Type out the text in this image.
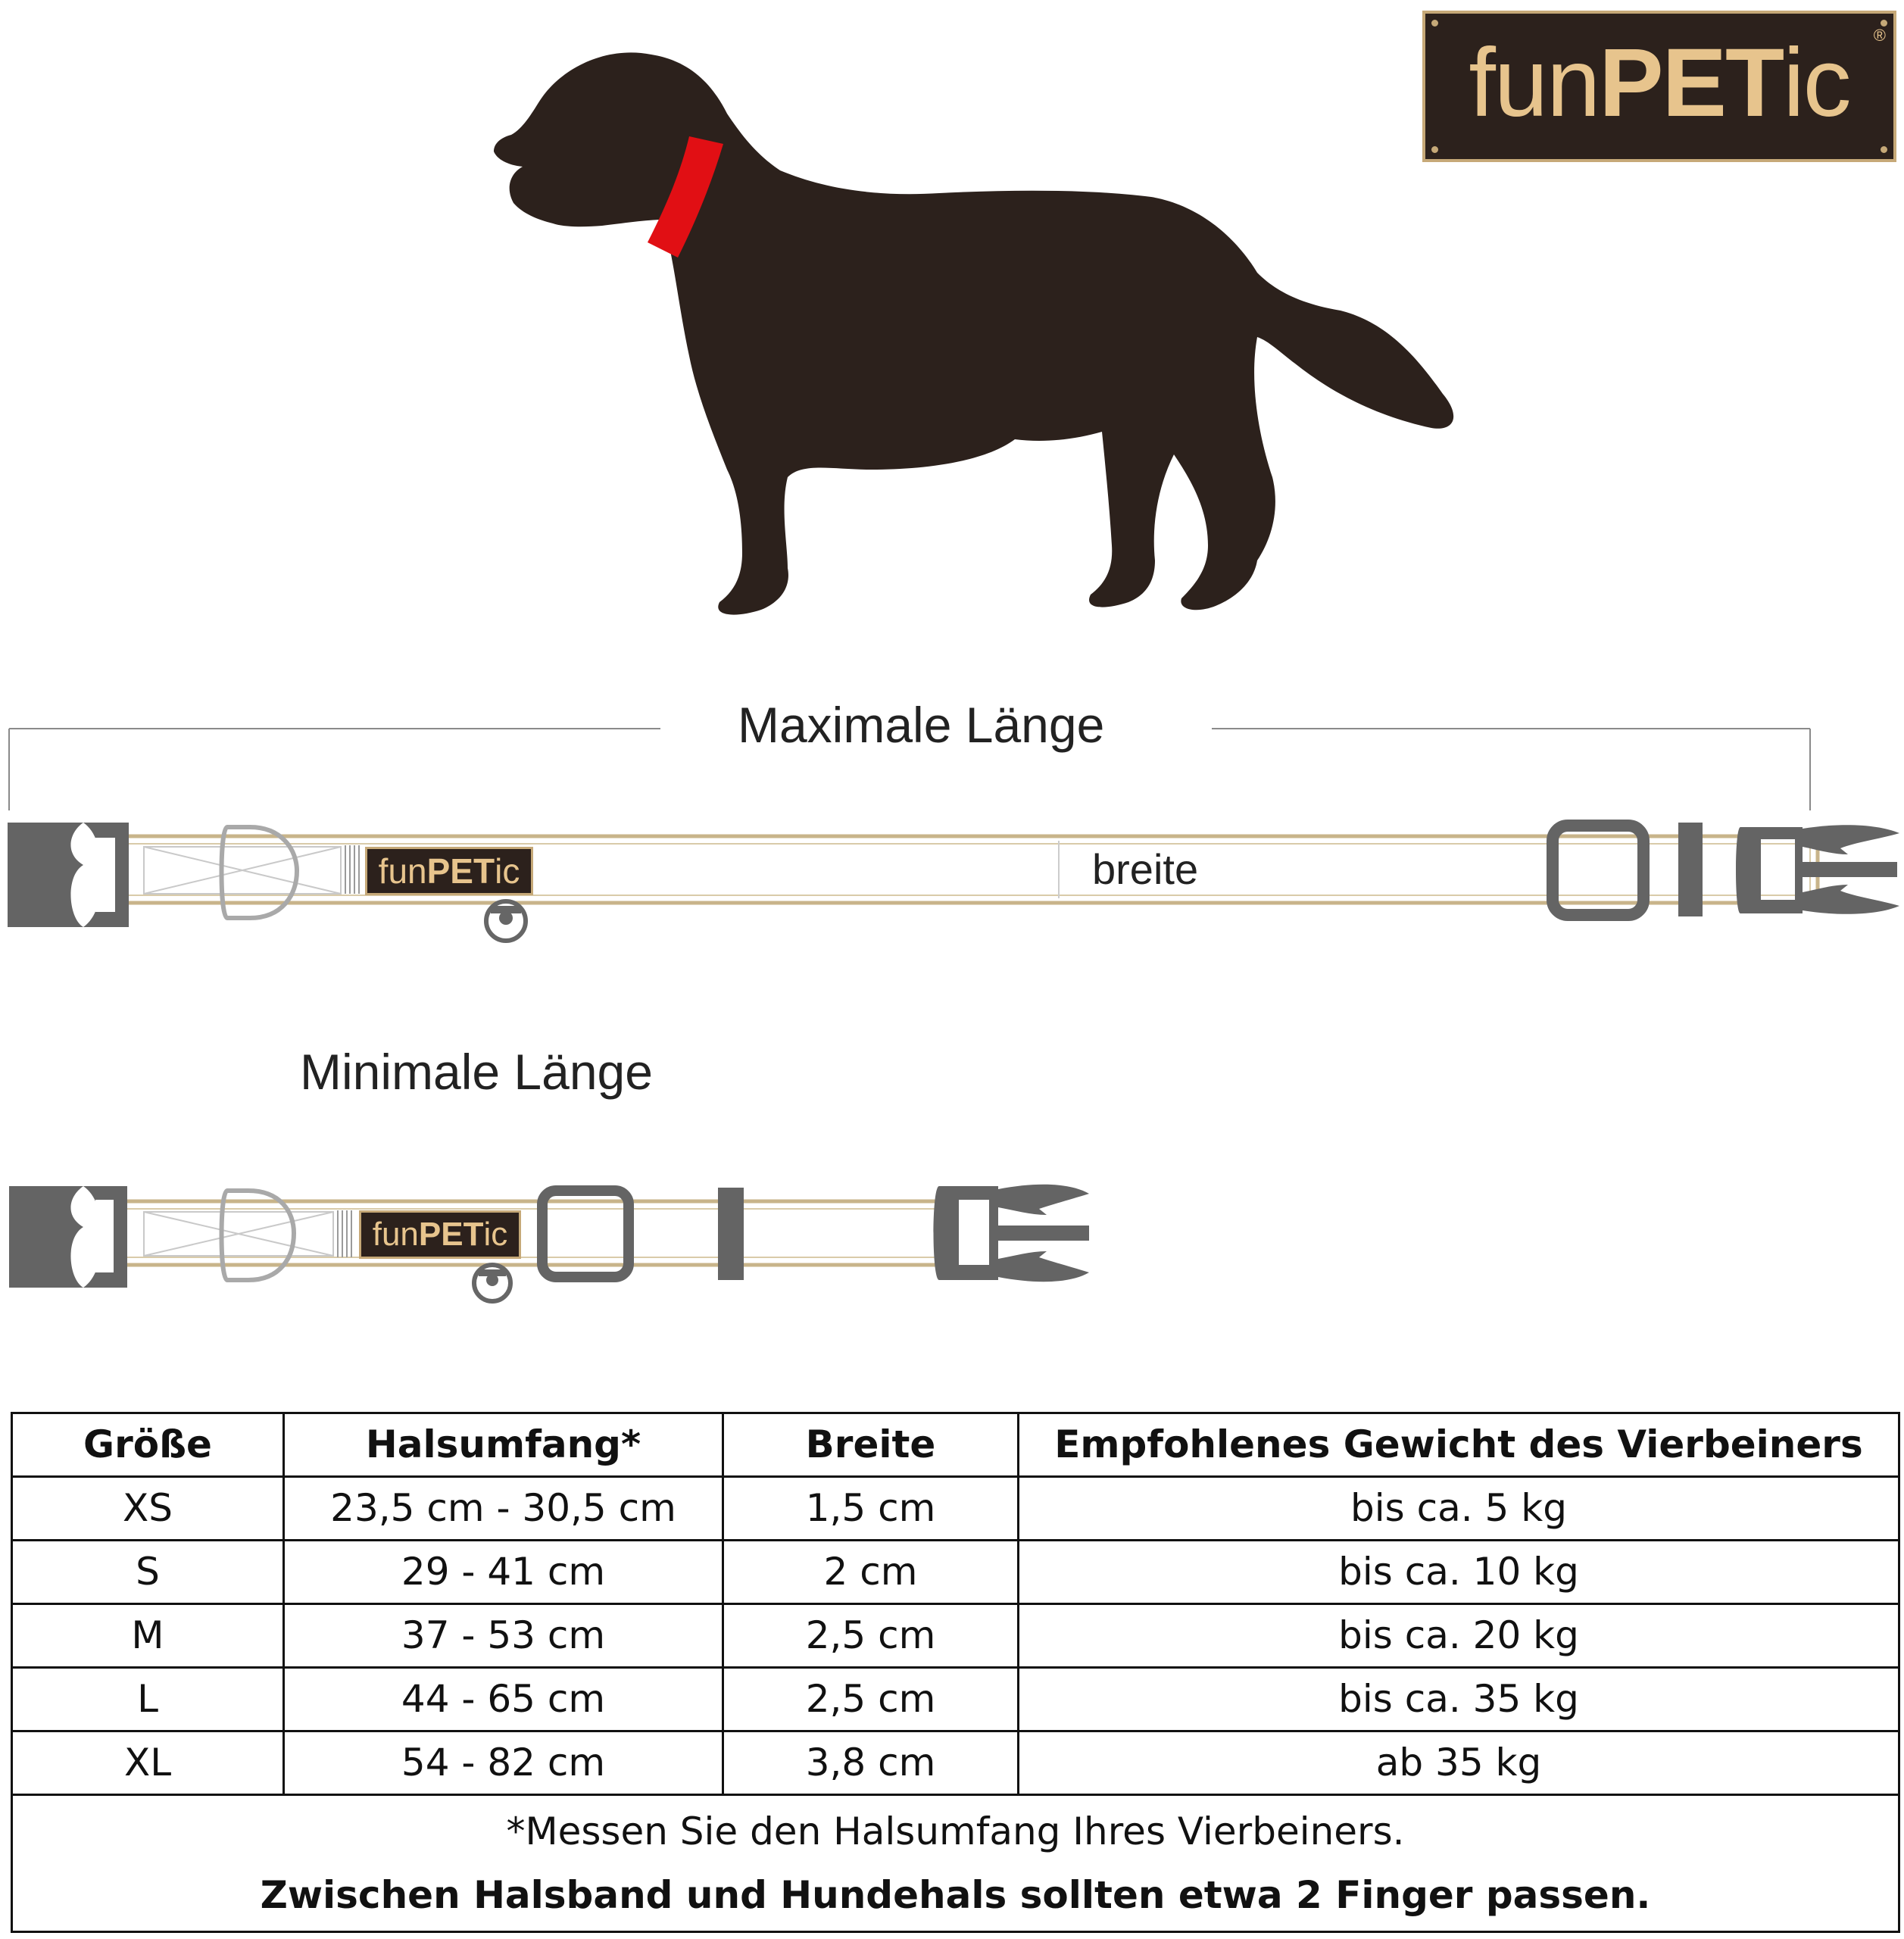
funPETic	®
Maximale Länge
breite
funPETic
Minimale Länge
funPETic
Größe	Halsumfang*	Breite	Empfohlenes Gewicht des Vierbeiners
XS	23,5 cm - 30,5 cm	1,5 cm	bis ca. 5 kg
S	29 - 41 cm	2 cm	bis ca. 10 kg
M	37 - 53 cm	2,5 cm	bis ca. 20 kg
L	44 - 65 cm	2,5 cm	bis ca. 35 kg
XL	54 - 82 cm	3,8 cm	ab 35 kg

*Messen Sie den Halsumfang Ihres Vierbeiners.
Zwischen Halsband und Hundehals sollten etwa 2 Finger passen.			
